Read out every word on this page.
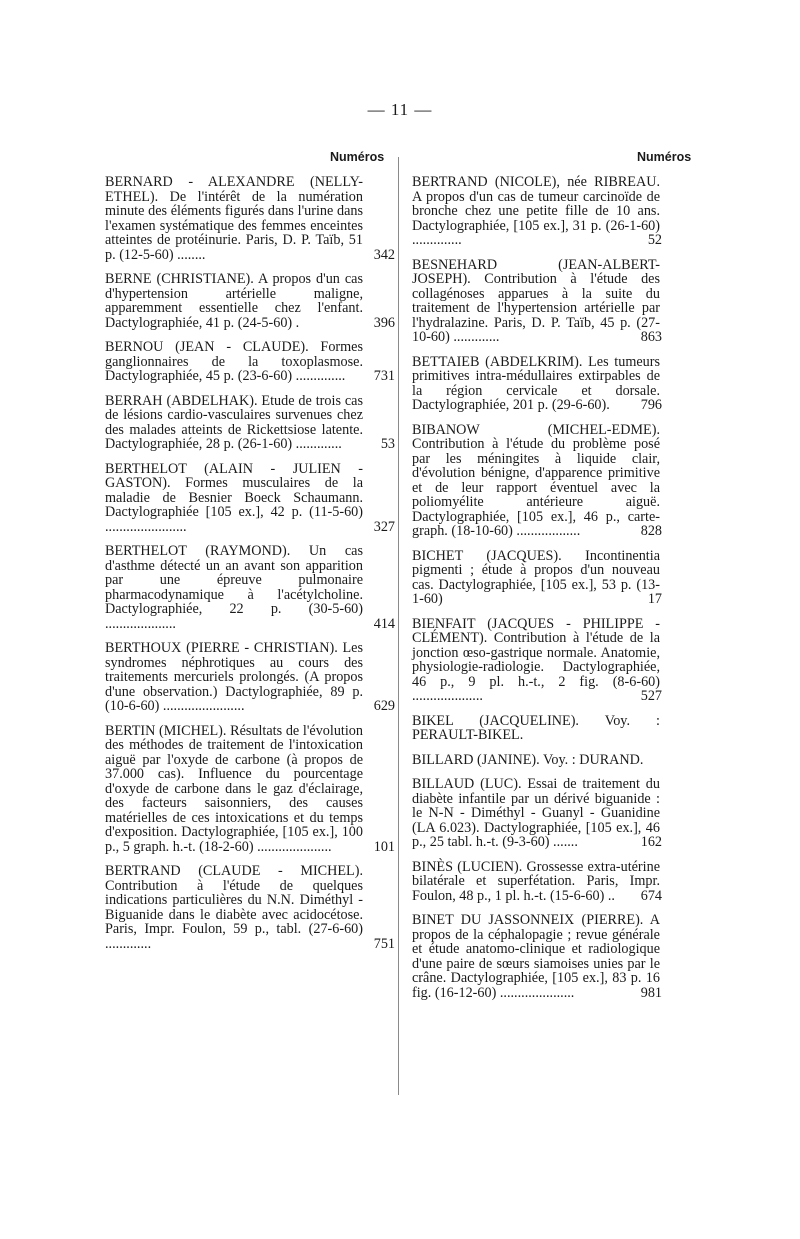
— 11 —
Numéros	Numéros
BERNARD - ALEXANDRE (NELLY-ETHEL). De l'intérêt de la numération minute des éléments figurés dans l'urine dans l'examen systématique des femmes enceintes atteintes de protéinurie. Paris, D. P. Taïb, 51 p. (12-5-60) ........	342
BERNE (CHRISTIANE). A propos d'un cas d'hypertension artérielle maligne, apparemment essentielle chez l'enfant. Dactylographiée, 41 p. (24-5-60) .	396
BERNOU (JEAN - CLAUDE). Formes ganglionnaires de la toxoplasmose. Dactylographiée, 45 p. (23-6-60) ..............	731
BERRAH (ABDELHAK). Etude de trois cas de lésions cardio-vasculaires survenues chez des malades atteints de Rickettsiose latente. Dactylographiée, 28 p. (26-1-60) .............	53
BERTHELOT (ALAIN - JULIEN - GASTON). Formes musculaires de la maladie de Besnier Boeck Schaumann. Dactylographiée [105 ex.], 42 p. (11-5-60) .......................	327
BERTHELOT (RAYMOND). Un cas d'asthme détecté un an avant son apparition par une épreuve pulmonaire pharmacodynamique à l'acétylcholine. Dactylographiée, 22 p. (30-5-60) ....................	414
BERTHOUX (PIERRE - CHRISTIAN). Les syndromes néphrotiques au cours des traitements mercuriels prolongés. (A propos d'une observation.) Dactylographiée, 89 p. (10-6-60) .......................	629
BERTIN (MICHEL). Résultats de l'évolution des méthodes de traitement de l'intoxication aiguë par l'oxyde de carbone (à propos de 37.000 cas). Influence du pourcentage d'oxyde de carbone dans le gaz d'éclairage, des facteurs saisonniers, des causes matérielles de ces intoxications et du temps d'exposition. Dactylographiée, [105 ex.], 100 p., 5 graph. h.-t. (18-2-60) .....................	101
BERTRAND (CLAUDE - MICHEL). Contribution à l'étude de quelques indications particulières du N.N. Diméthyl - Biguanide dans le diabète avec acidocétose. Paris, Impr. Foulon, 59 p., tabl. (27-6-60) .............	751
BERTRAND (NICOLE), née RIBREAU. A propos d'un cas de tumeur carcinoïde de bronche chez une petite fille de 10 ans. Dactylographiée, [105 ex.], 31 p. (26-1-60) ..............	52
BESNEHARD (JEAN-ALBERT-JOSEPH). Contribution à l'étude des collagénoses apparues à la suite du traitement de l'hypertension artérielle par l'hydralazine. Paris, D. P. Taïb, 45 p. (27-10-60) .............	863
BETTAIEB (ABDELKRIM). Les tumeurs primitives intra-médullaires extirpables de la région cervicale et dorsale. Dactylographiée, 201 p. (29-6-60).	796
BIBANOW (MICHEL-EDME). Contribution à l'étude du problème posé par les méningites à liquide clair, d'évolution bénigne, d'apparence primitive et de leur rapport éventuel avec la poliomyélite antérieure aiguë. Dactylographiée, [105 ex.], 46 p., carte-graph. (18-10-60) ..................	828
BICHET (JACQUES). Incontinentia pigmenti ; étude à propos d'un nouveau cas. Dactylographiée, [105 ex.], 53 p. (13-1-60)	17
BIENFAIT (JACQUES - PHILIPPE - CLÉMENT). Contribution à l'étude de la jonction œso-gastrique normale. Anatomie, physiologie-radiologie. Dactylographiée, 46 p., 9 pl. h.-t., 2 fig. (8-6-60) ....................	527
BIKEL (JACQUELINE). Voy. : PERAULT-BIKEL.
BILLARD (JANINE). Voy. : DURAND.
BILLAUD (LUC). Essai de traitement du diabète infantile par un dérivé biguanide : le N-N - Diméthyl - Guanyl - Guanidine (LA 6.023). Dactylographiée, [105 ex.], 46 p., 25 tabl. h.-t. (9-3-60) .......	162
BINÈS (LUCIEN). Grossesse extra-utérine bilatérale et superfétation. Paris, Impr. Foulon, 48 p., 1 pl. h.-t. (15-6-60) ..	674
BINET DU JASSONNEIX (PIERRE). A propos de la céphalopagie ; revue générale et étude anatomo-clinique et radiologique d'une paire de sœurs siamoises unies par le crâne. Dactylographiée, [105 ex.], 83 p. 16 fig. (16-12-60) .....................	981
